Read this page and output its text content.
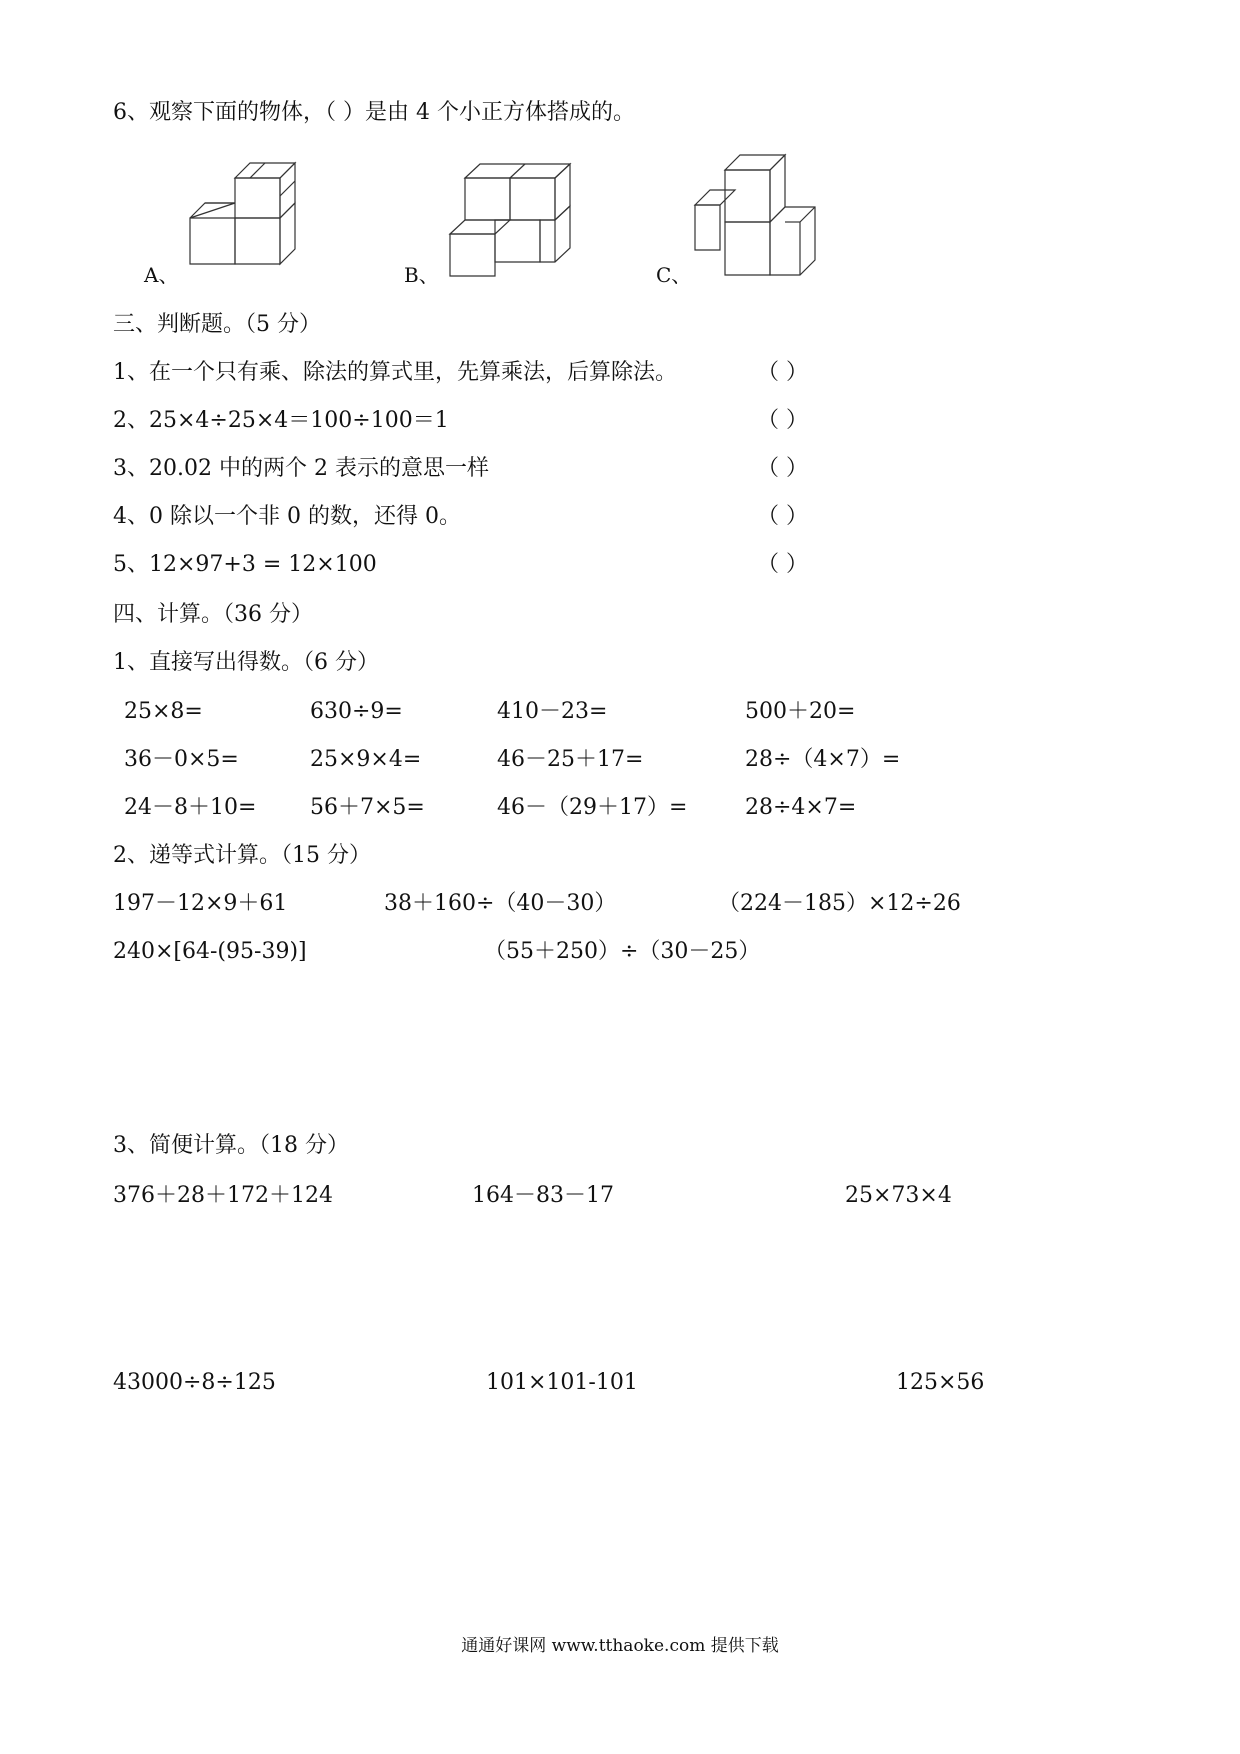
6、观察下面的物体，（ ）是由 4 个小正方体搭成的。
A、	B、	C、
三、判断题。（5 分）
1、在一个只有乘、除法的算式里，先算乘法，后算除法。	（ ）
2、25×4÷25×4＝100÷100＝1	（ ）
3、20.02 中的两个 2 表示的意思一样	（ ）
4、0 除以一个非 0 的数，还得 0。	（ ）
5、12×97+3 = 12×100	（ ）
四、计算。（36 分）
1、直接写出得数。（6 分）
25×8=	630÷9=	410－23=	500＋20=
36－0×5=	25×9×4=	46－25＋17=	28÷（4×7）=
24－8＋10= 56＋7×5=	46－（29＋17）=	28÷4×7=
2、递等式计算。（15 分）
197－12×9＋61	38＋160÷（40－30）	（224－185）×12÷26
240×[64-(95-39)]	（55＋250）÷（30－25）
3、简便计算。（18 分）
376＋28＋172＋124	164－83－17	25×73×4
43000÷8÷125	101×101-101	125×56
通通好课网 www.tthaoke.com 提供下载
